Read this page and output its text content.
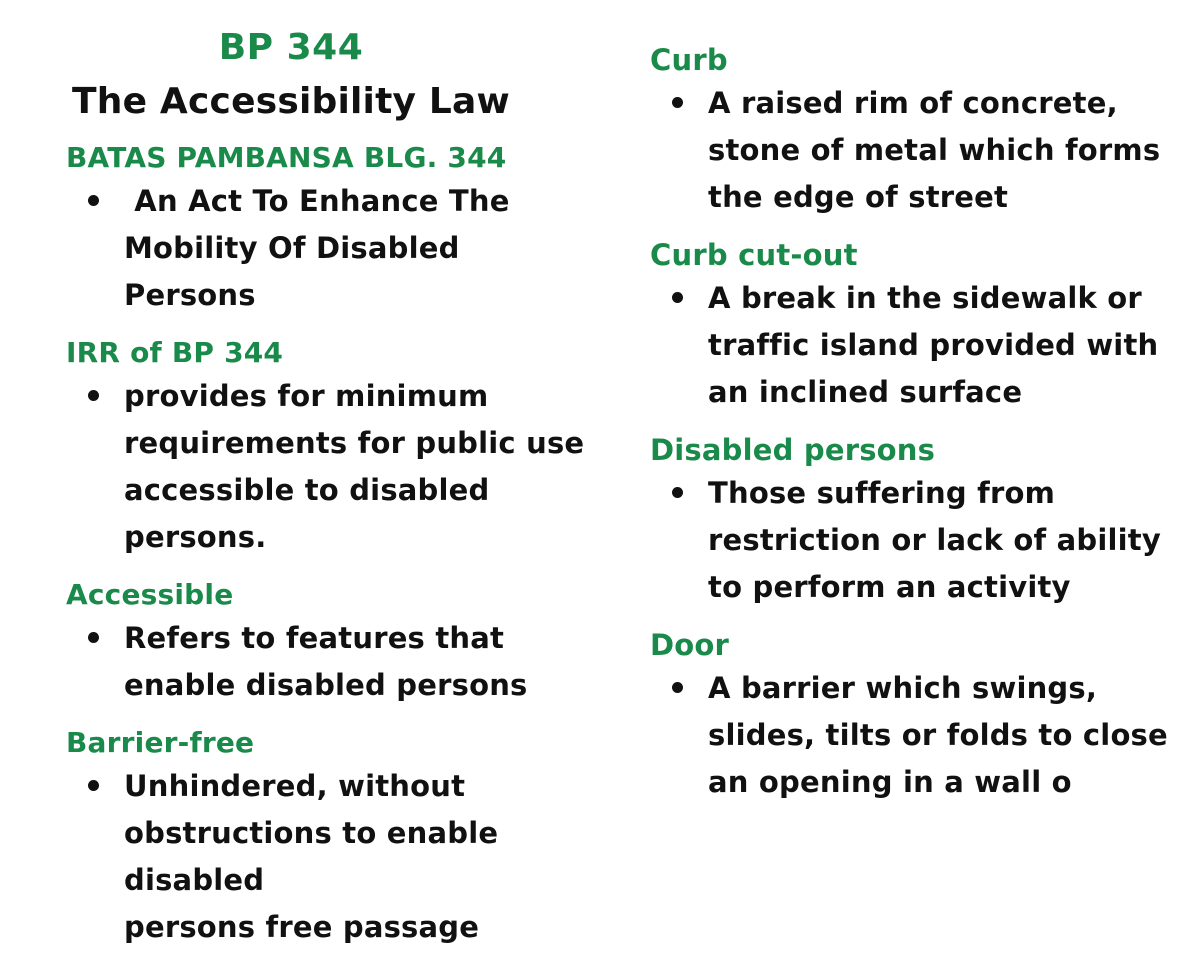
BP 344
The Accessibility Law
BATAS PAMBANSA BLG. 344
An Act To Enhance The
Mobility Of Disabled Persons
IRR of BP 344
provides for minimum
requirements for public use
accessible to disabled
persons.
Accessible
Refers to features that
enable disabled persons
Barrier-free
Unhindered, without
obstructions to enable disabled
persons free passage
Curb
A raised rim of concrete,
stone of metal which forms
the edge of street
Curb cut-out
A break in the sidewalk or
traffic island provided with
an inclined surface
Disabled persons
Those suffering from
restriction or lack of ability
to perform an activity
Door
A barrier which swings,
slides, tilts or folds to close
an opening in a wall o
